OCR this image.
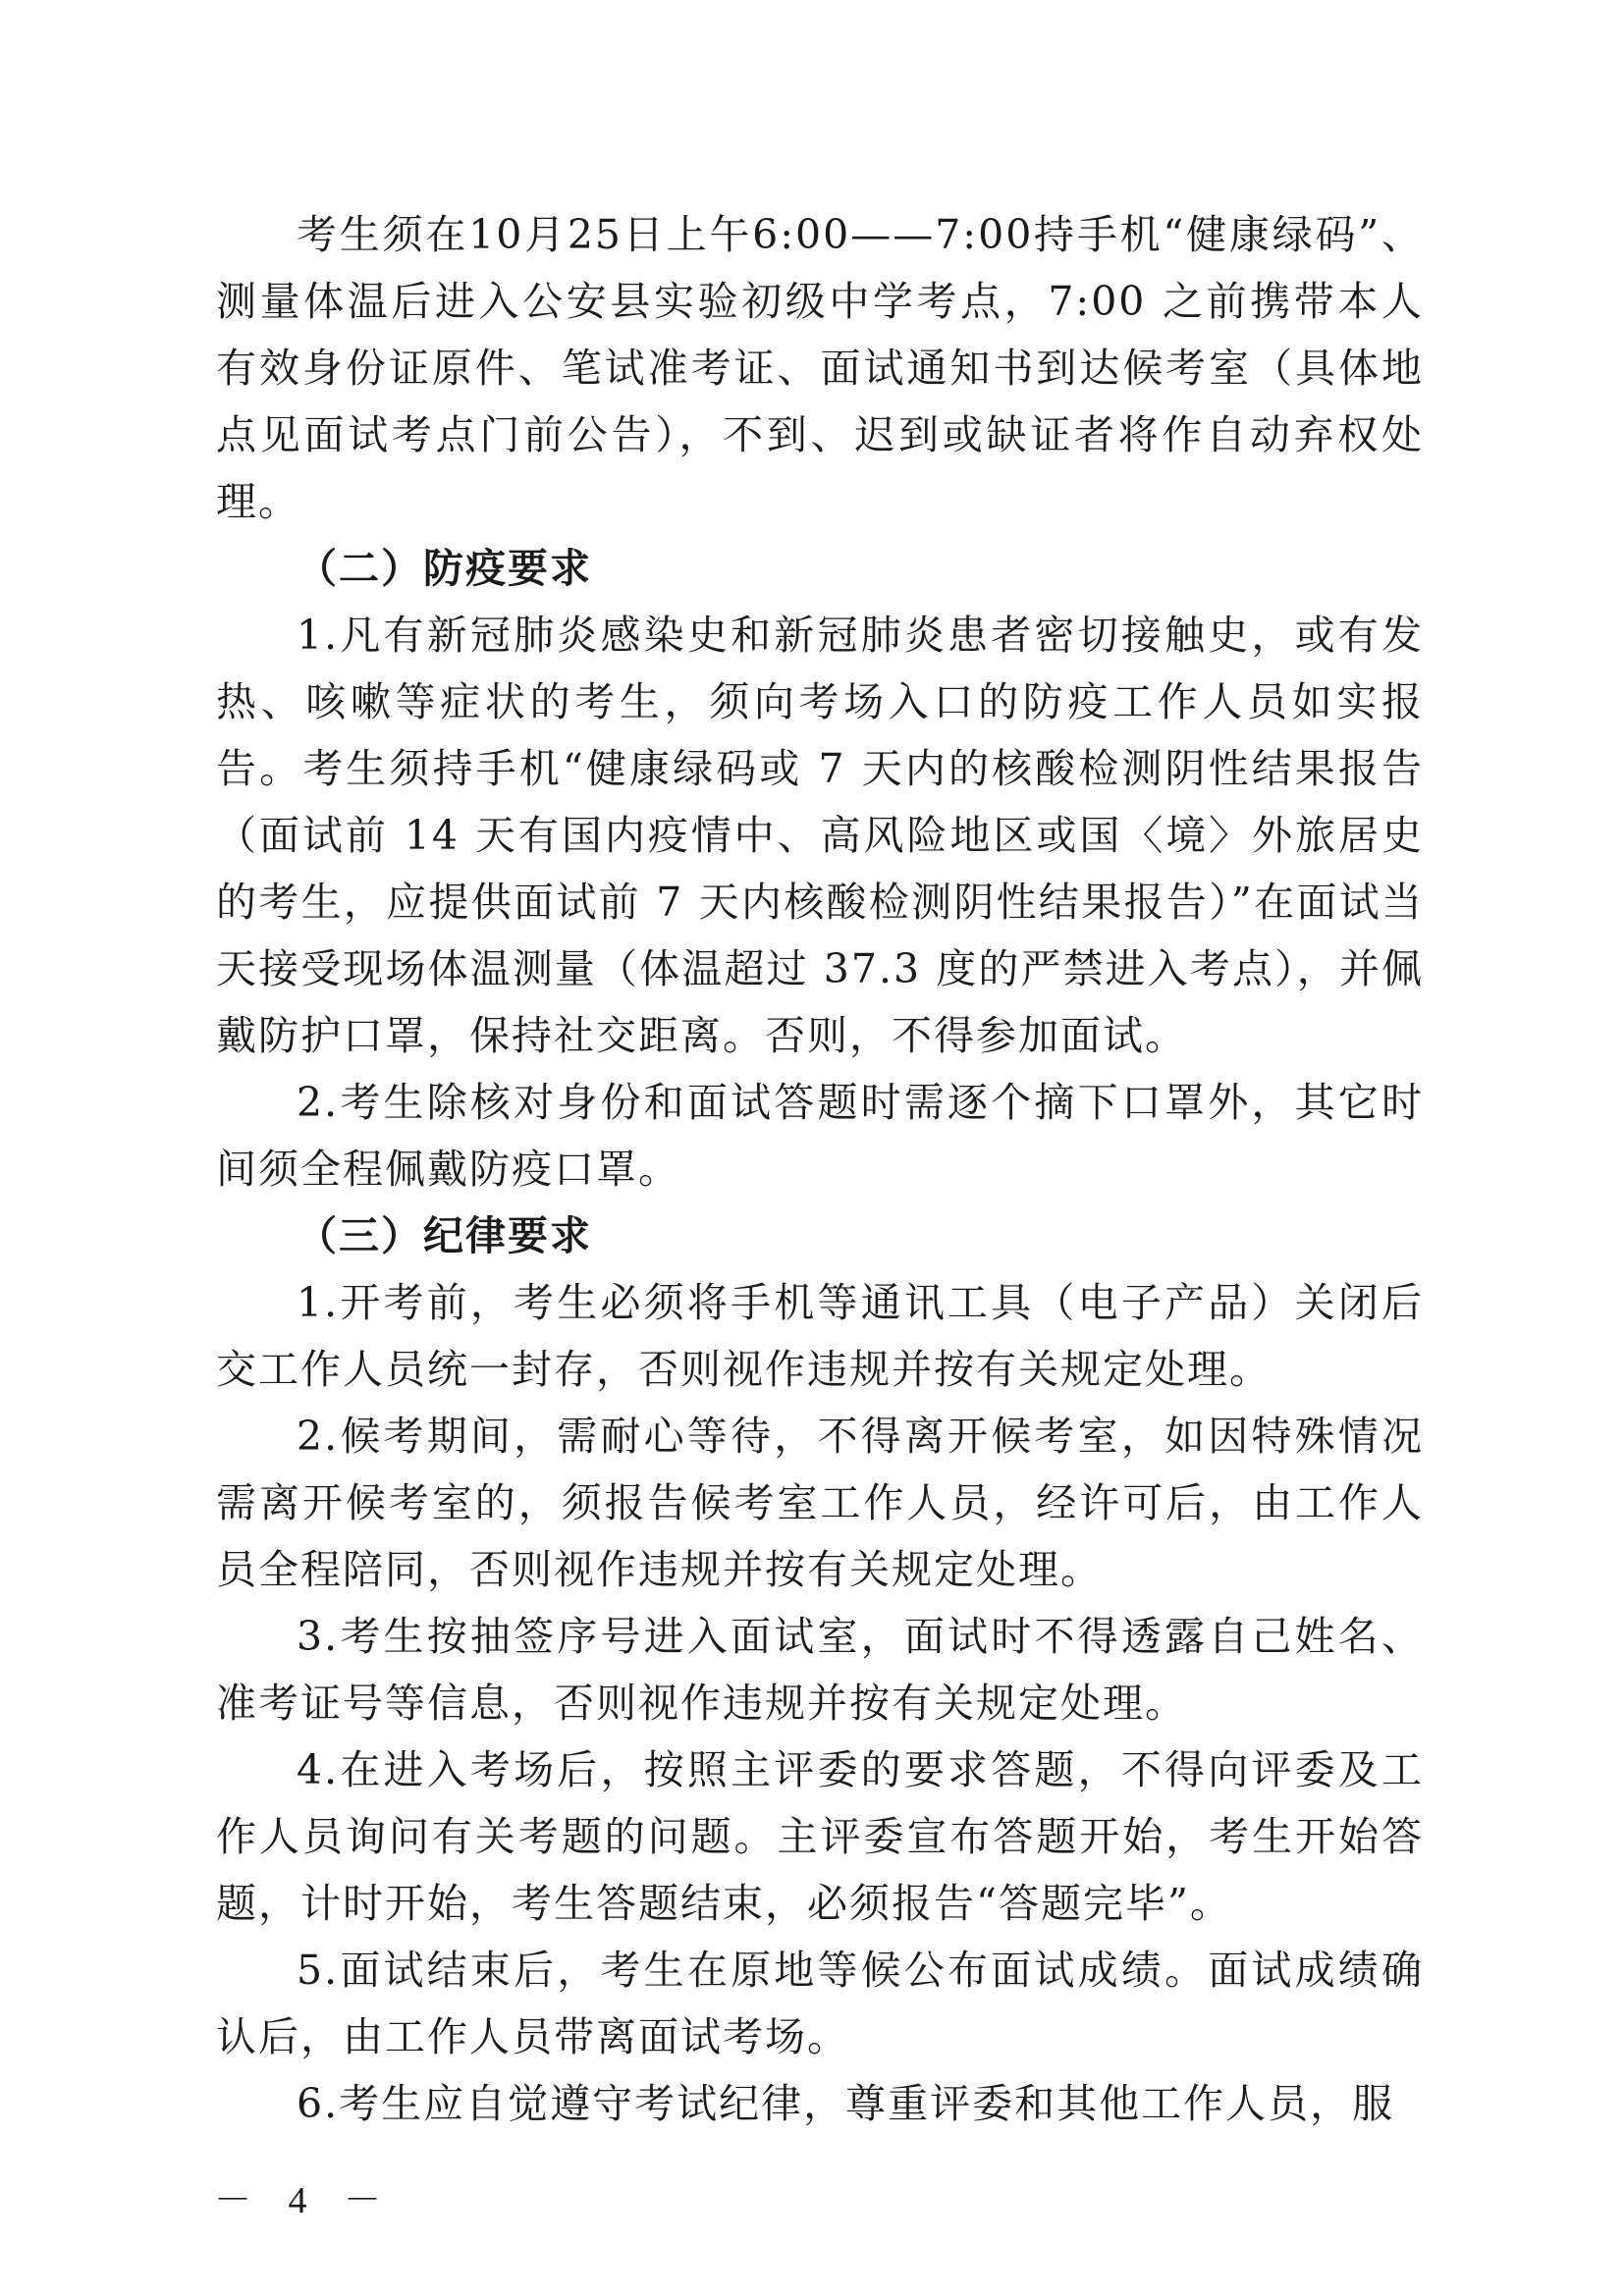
考生须在10月25日上午6:00——7:00持手机“健康绿码”、测量体温后进入公安县实验初级中学考点，7:00 之前携带本人有效身份证原件、笔试准考证、面试通知书到达候考室（具体地点见面试考点门前公告），不到、迟到或缺证者将作自动弃权处理。

（二）防疫要求

1.凡有新冠肺炎感染史和新冠肺炎患者密切接触史，或有发热、咳嗽等症状的考生，须向考场入口的防疫工作人员如实报告。考生须持手机“健康绿码或 7 天内的核酸检测阴性结果报告（面试前 14 天有国内疫情中、高风险地区或国〈境〉外旅居史的考生，应提供面试前 7 天内核酸检测阴性结果报告）”在面试当天接受现场体温测量（体温超过 37.3 度的严禁进入考点），并佩戴防护口罩，保持社交距离。否则，不得参加面试。

2.考生除核对身份和面试答题时需逐个摘下口罩外，其它时间须全程佩戴防疫口罩。

（三）纪律要求

1.开考前，考生必须将手机等通讯工具（电子产品）关闭后交工作人员统一封存，否则视作违规并按有关规定处理。

2.候考期间，需耐心等待，不得离开候考室，如因特殊情况需离开候考室的，须报告候考室工作人员，经许可后，由工作人员全程陪同，否则视作违规并按有关规定处理。

3.考生按抽签序号进入面试室，面试时不得透露自己姓名、准考证号等信息，否则视作违规并按有关规定处理。

4.在进入考场后，按照主评委的要求答题，不得向评委及工作人员询问有关考题的问题。主评委宣布答题开始，考生开始答题，计时开始，考生答题结束，必须报告“答题完毕”。

5.面试结束后，考生在原地等候公布面试成绩。面试成绩确认后，由工作人员带离面试考场。

6.考生应自觉遵守考试纪律，尊重评委和其他工作人员，服

－ 4 －
